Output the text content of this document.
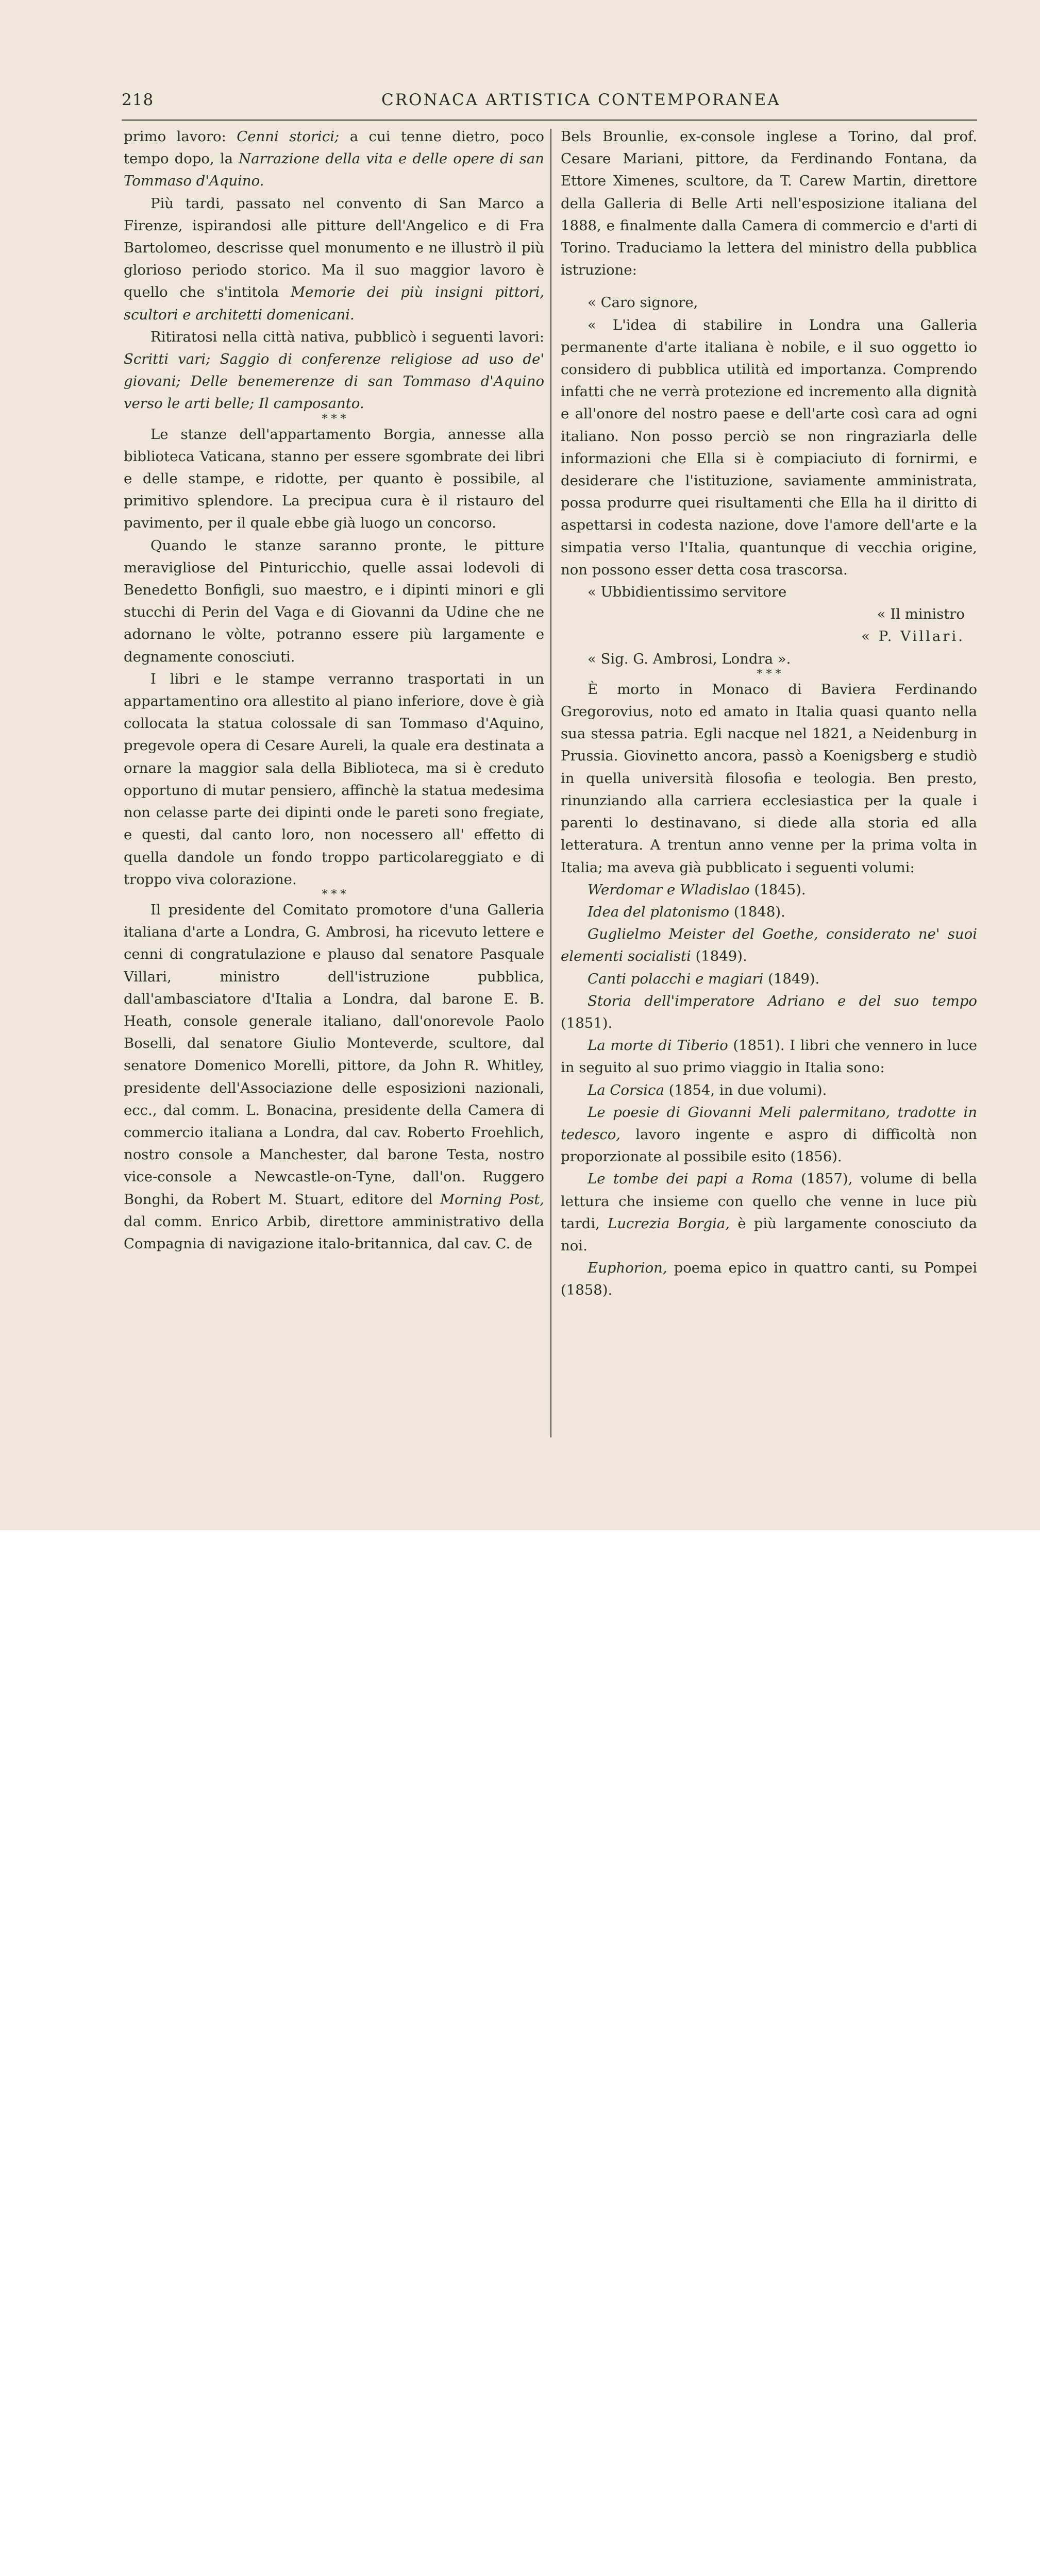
218	CRONACA ARTISTICA CONTEMPORANEA

primo lavoro: Cenni storici; a cui tenne dietro, poco tempo dopo, la Narrazione della vita e delle opere di san Tommaso d'Aquino.

Più tardi, passato nel convento di San Marco a Firenze, ispirandosi alle pitture dell'Angelico e di Fra Bartolomeo, descrisse quel monumento e ne illustrò il più glorioso periodo storico. Ma il suo maggior lavoro è quello che s'intitola Memorie dei più insigni pittori, scultori e architetti domenicani.

Ritiratosi nella città nativa, pubblicò i seguenti lavori: Scritti vari; Saggio di conferenze religiose ad uso de' giovani; Delle benemerenze di san Tommaso d'Aquino verso le arti belle; Il camposanto.

* * *

Le stanze dell'appartamento Borgia, annesse alla biblioteca Vaticana, stanno per essere sgombrate dei libri e delle stampe, e ridotte, per quanto è possibile, al primitivo splendore. La precipua cura è il ristauro del pavimento, per il quale ebbe già luogo un concorso.

Quando le stanze saranno pronte, le pitture meravigliose del Pinturicchio, quelle assai lodevoli di Benedetto Bonfigli, suo maestro, e i dipinti minori e gli stucchi di Perin del Vaga e di Giovanni da Udine che ne adornano le vòlte, potranno essere più largamente e degnamente conosciuti.

I libri e le stampe verranno trasportati in un appartamentino ora allestito al piano inferiore, dove è già collocata la statua colossale di san Tommaso d'Aquino, pregevole opera di Cesare Aureli, la quale era destinata a ornare la maggior sala della Biblioteca, ma si è creduto opportuno di mutar pensiero, affinchè la statua medesima non celasse parte dei dipinti onde le pareti sono fregiate, e questi, dal canto loro, non nocessero all' effetto di quella dandole un fondo troppo particolareggiato e di troppo viva colorazione.

* * *

Il presidente del Comitato promotore d'una Galleria italiana d'arte a Londra, G. Ambrosi, ha ricevuto lettere e cenni di congratulazione e plauso dal senatore Pasquale Villari, ministro dell'istruzione pubblica, dall'ambasciatore d'Italia a Londra, dal barone E. B. Heath, console generale italiano, dall'onorevole Paolo Boselli, dal senatore Giulio Monteverde, scultore, dal senatore Domenico Morelli, pittore, da John R. Whitley, presidente dell'Associazione delle esposizioni nazionali, ecc., dal comm. L. Bonacina, presidente della Camera di commercio italiana a Londra, dal cav. Roberto Froehlich, nostro console a Manchester, dal barone Testa, nostro vice-console a Newcastle-on-Tyne, dall'on. Ruggero Bonghi, da Robert M. Stuart, editore del Morning Post, dal comm. Enrico Arbib, direttore amministrativo della Compagnia di navigazione italo-britannica, dal cav. C. de

Bels Brounlie, ex-console inglese a Torino, dal prof. Cesare Mariani, pittore, da Ferdinando Fontana, da Ettore Ximenes, scultore, da T. Carew Martin, direttore della Galleria di Belle Arti nell'esposizione italiana del 1888, e finalmente dalla Camera di commercio e d'arti di Torino. Traduciamo la lettera del ministro della pubblica istruzione:

« Caro signore,

« L'idea di stabilire in Londra una Galleria permanente d'arte italiana è nobile, e il suo oggetto io considero di pubblica utilità ed importanza. Comprendo infatti che ne verrà protezione ed incremento alla dignità e all'onore del nostro paese e dell'arte così cara ad ogni italiano. Non posso perciò se non ringraziarla delle informazioni che Ella si è compiaciuto di fornirmi, e desiderare che l'istituzione, saviamente amministrata, possa produrre quei risultamenti che Ella ha il diritto di aspettarsi in codesta nazione, dove l'amore dell'arte e la simpatia verso l'Italia, quantunque di vecchia origine, non possono esser detta cosa trascorsa.

« Ubbidientissimo servitore

« Il ministro

« P. Villari.

« Sig. G. Ambrosi, Londra ».

* * *

È morto in Monaco di Baviera Ferdinando Gregorovius, noto ed amato in Italia quasi quanto nella sua stessa patria. Egli nacque nel 1821, a Neidenburg in Prussia. Giovinetto ancora, passò a Koenigsberg e studiò in quella università filosofia e teologia. Ben presto, rinunziando alla carriera ecclesiastica per la quale i parenti lo destinavano, si diede alla storia ed alla letteratura. A trentun anno venne per la prima volta in Italia; ma aveva già pubblicato i seguenti volumi:

Werdomar e Wladislao (1845).

Idea del platonismo (1848).

Guglielmo Meister del Goethe, considerato ne' suoi elementi socialisti (1849).

Canti polacchi e magiari (1849).

Storia dell'imperatore Adriano e del suo tempo (1851).

La morte di Tiberio (1851). I libri che vennero in luce in seguito al suo primo viaggio in Italia sono:

La Corsica (1854, in due volumi).

Le poesie di Giovanni Meli palermitano, tradotte in tedesco, lavoro ingente e aspro di difficoltà non proporzionate al possibile esito (1856).

Le tombe dei papi a Roma (1857), volume di bella lettura che insieme con quello che venne in luce più tardi, Lucrezia Borgia, è più largamente conosciuto da noi.

Euphorion, poema epico in quattro canti, su Pompei (1858).
